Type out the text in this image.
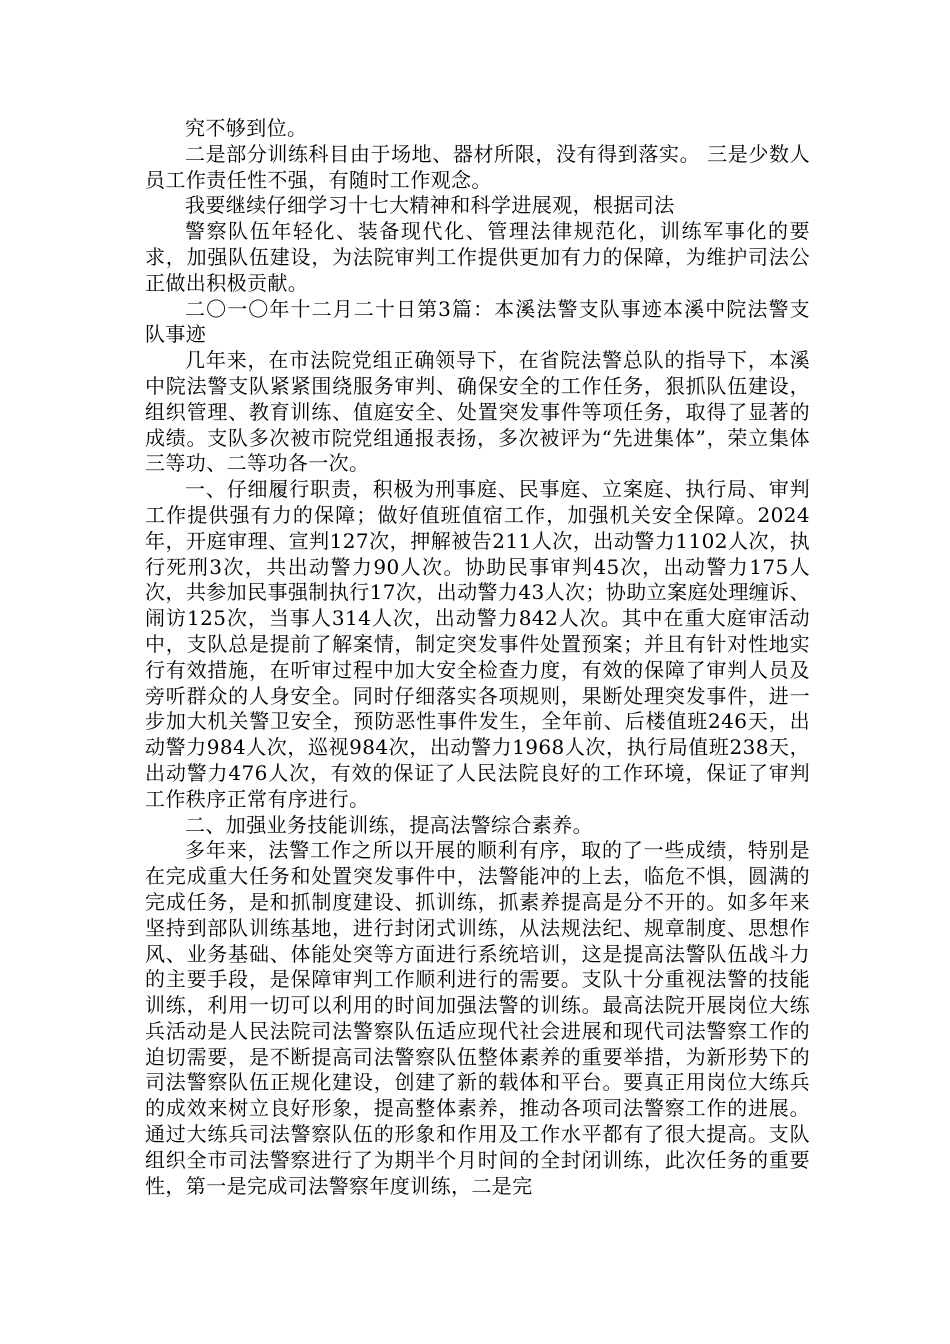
究不够到位。

二是部分训练科目由于场地、器材所限，没有得到落实。 三是少数人员工作责任性不强，有随时工作观念。

我要继续仔细学习十七大精神和科学进展观，根据司法

警察队伍年轻化、装备现代化、管理法律规范化，训练军事化的要求，加强队伍建设，为法院审判工作提供更加有力的保障，为维护司法公正做出积极贡献。

二〇一〇年十二月二十日第3篇：本溪法警支队事迹本溪中院法警支队事迹

几年来，在市法院党组正确领导下，在省院法警总队的指导下，本溪中院法警支队紧紧围绕服务审判、确保安全的工作任务，狠抓队伍建设，组织管理、教育训练、值庭安全、处置突发事件等项任务，取得了显著的成绩。支队多次被市院党组通报表扬，多次被评为“先进集体”，荣立集体三等功、二等功各一次。

一、仔细履行职责，积极为刑事庭、民事庭、立案庭、执行局、审判工作提供强有力的保障；做好值班值宿工作，加强机关安全保障。2024年，开庭审理、宣判127次，押解被告211人次，出动警力1102人次，执行死刑3次，共出动警力90人次。协助民事审判45次，出动警力175人次，共参加民事强制执行17次，出动警力43人次；协助立案庭处理缠诉、闹访125次，当事人314人次，出动警力842人次。其中在重大庭审活动中，支队总是提前了解案情，制定突发事件处置预案；并且有针对性地实行有效措施，在听审过程中加大安全检查力度，有效的保障了审判人员及旁听群众的人身安全。同时仔细落实各项规则，果断处理突发事件，进一步加大机关警卫安全，预防恶性事件发生，全年前、后楼值班246天，出动警力984人次，巡视984次，出动警力1968人次，执行局值班238天，出动警力476人次，有效的保证了人民法院良好的工作环境，保证了审判工作秩序正常有序进行。

二、加强业务技能训练，提高法警综合素养。

多年来，法警工作之所以开展的顺利有序，取的了一些成绩，特别是在完成重大任务和处置突发事件中，法警能冲的上去，临危不惧，圆满的完成任务，是和抓制度建设、抓训练，抓素养提高是分不开的。如多年来坚持到部队训练基地，进行封闭式训练，从法规法纪、规章制度、思想作风、业务基础、体能处突等方面进行系统培训，这是提高法警队伍战斗力的主要手段，是保障审判工作顺利进行的需要。支队十分重视法警的技能训练，利用一切可以利用的时间加强法警的训练。最高法院开展岗位大练兵活动是人民法院司法警察队伍适应现代社会进展和现代司法警察工作的迫切需要，是不断提高司法警察队伍整体素养的重要举措，为新形势下的司法警察队伍正规化建设，创建了新的载体和平台。要真正用岗位大练兵的成效来树立良好形象，提高整体素养，推动各项司法警察工作的进展。通过大练兵司法警察队伍的形象和作用及工作水平都有了很大提高。支队组织全市司法警察进行了为期半个月时间的全封闭训练，此次任务的重要性，第一是完成司法警察年度训练，二是完
